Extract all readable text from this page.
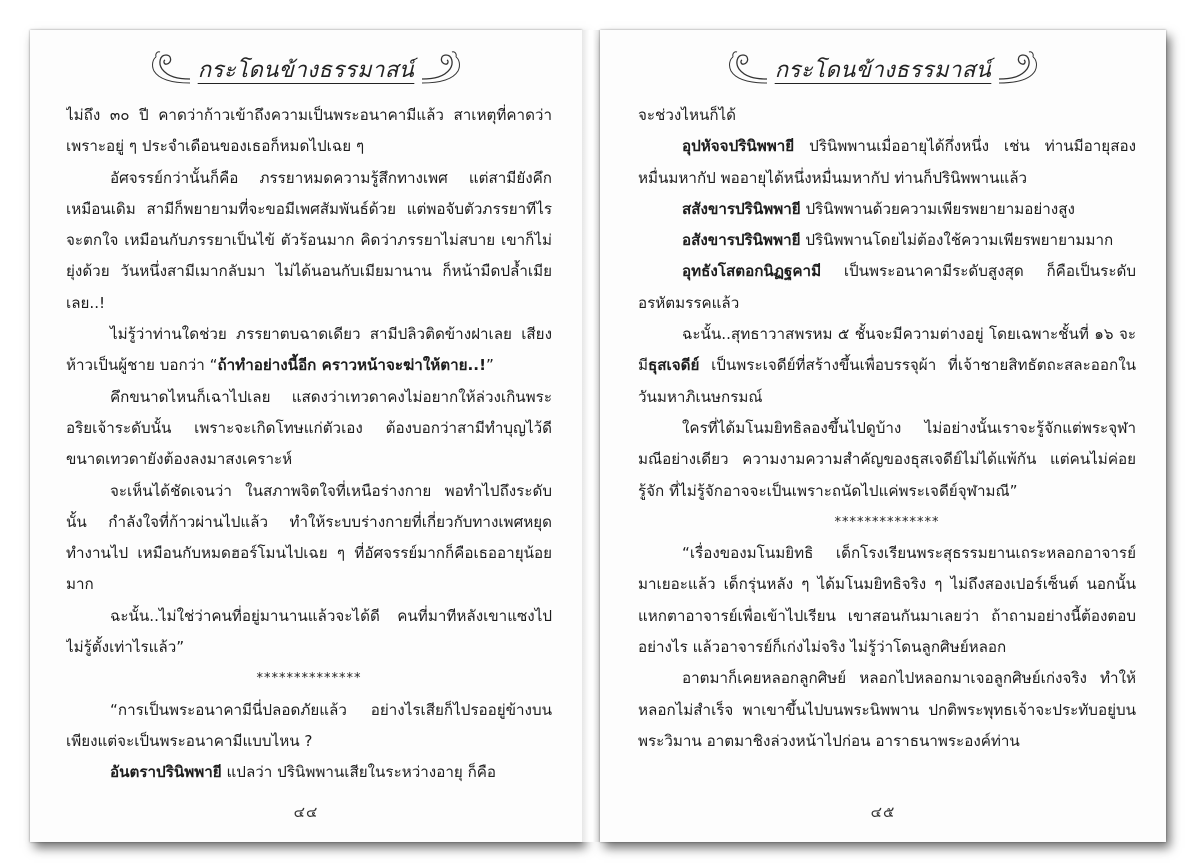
กระโดนข้างธรรมาสน์

ไม่ถึง ๓๐ ปี คาดว่าก้าวเข้าถึงความเป็นพระอนาคามีแล้ว สาเหตุที่คาดว่า เพราะอยู่ ๆ ประจำเดือนของเธอก็หมดไปเฉย ๆ

อัศจรรย์กว่านั้นก็คือ ภรรยาหมดความรู้สึกทางเพศ แต่สามียังคึกเหมือนเดิม สามีก็พยายามที่จะขอมีเพศสัมพันธ์ด้วย แต่พอจับตัวภรรยาทีไรจะตกใจ เหมือนกับภรรยาเป็นไข้ ตัวร้อนมาก คิดว่าภรรยาไม่สบาย เขาก็ไม่ยุ่งด้วย วันหนึ่งสามีเมากลับมา ไม่ได้นอนกับเมียมานาน ก็หน้ามืดปล้ำเมียเลย..!

ไม่รู้ว่าท่านใดช่วย ภรรยาตบฉาดเดียว สามีปลิวติดข้างฝาเลย เสียงห้าวเป็นผู้ชาย บอกว่า “ถ้าทำอย่างนี้อีก คราวหน้าจะฆ่าให้ตาย..!”

คึกขนาดไหนก็เฉาไปเลย แสดงว่าเทวดาคงไม่อยากให้ล่วงเกินพระอริยเจ้าระดับนั้น เพราะจะเกิดโทษแก่ตัวเอง ต้องบอกว่าสามีทำบุญไว้ดี ขนาดเทวดายังต้องลงมาสงเคราะห์

จะเห็นได้ชัดเจนว่า ในสภาพจิตใจที่เหนือร่างกาย พอทำไปถึงระดับนั้น กำลังใจที่ก้าวผ่านไปแล้ว ทำให้ระบบร่างกายที่เกี่ยวกับทางเพศหยุดทำงานไป เหมือนกับหมดฮอร์โมนไปเฉย ๆ ที่อัศจรรย์มากก็คือเธออายุน้อยมาก

ฉะนั้น..ไม่ใช่ว่าคนที่อยู่มานานแล้วจะได้ดี คนที่มาทีหลังเขาแซงไปไม่รู้ตั้งเท่าไรแล้ว”

**************

“การเป็นพระอนาคามีนี่ปลอดภัยแล้ว อย่างไรเสียก็ไปรออยู่ข้างบน เพียงแต่จะเป็นพระอนาคามีแบบไหน ?

อันตราปรินิพพายี แปลว่า ปรินิพพานเสียในระหว่างอายุ ก็คือ

๔๔
กระโดนข้างธรรมาสน์

จะช่วงไหนก็ได้

อุปหัจจปรินิพพายี ปรินิพพานเมื่ออายุได้กึ่งหนึ่ง เช่น ท่านมีอายุสองหมื่นมหากัป พออายุได้หนึ่งหมื่นมหากัป ท่านก็ปรินิพพานแล้ว

สสังขารปรินิพพายี ปรินิพพานด้วยความเพียรพยายามอย่างสูง

อสังขารปรินิพพายี ปรินิพพานโดยไม่ต้องใช้ความเพียรพยายามมาก

อุทธังโสตอกนิฏฐคามี เป็นพระอนาคามีระดับสูงสุด ก็คือเป็นระดับอรหัตมรรคแล้ว

ฉะนั้น..สุทธาวาสพรหม ๕ ชั้นจะมีความต่างอยู่ โดยเฉพาะชั้นที่ ๑๖ จะมีธุสเจดีย์ เป็นพระเจดีย์ที่สร้างขึ้นเพื่อบรรจุผ้า ที่เจ้าชายสิทธัตถะสละออกในวันมหาภิเนษกรมณ์

ใครที่ได้มโนมยิทธิลองขึ้นไปดูบ้าง ไม่อย่างนั้นเราจะรู้จักแต่พระจุฬามณีอย่างเดียว ความงามความสำคัญของธุสเจดีย์ไม่ได้แพ้กัน แต่คนไม่ค่อยรู้จัก ที่ไม่รู้จักอาจจะเป็นเพราะถนัดไปแค่พระเจดีย์จุฬามณี”

**************

“เรื่องของมโนมยิทธิ เด็กโรงเรียนพระสุธรรมยานเถระหลอกอาจารย์มาเยอะแล้ว เด็กรุ่นหลัง ๆ ได้มโนมยิทธิจริง ๆ ไม่ถึงสองเปอร์เซ็นต์ นอกนั้นแหกตาอาจารย์เพื่อเข้าไปเรียน เขาสอนกันมาเลยว่า ถ้าถามอย่างนี้ต้องตอบอย่างไร แล้วอาจารย์ก็เก่งไม่จริง ไม่รู้ว่าโดนลูกศิษย์หลอก

อาตมาก็เคยหลอกลูกศิษย์ หลอกไปหลอกมาเจอลูกศิษย์เก่งจริง ทำให้หลอกไม่สำเร็จ พาเขาขึ้นไปบนพระนิพพาน ปกติพระพุทธเจ้าจะประทับอยู่บนพระวิมาน อาตมาชิงล่วงหน้าไปก่อน อาราธนาพระองค์ท่าน

๔๕
